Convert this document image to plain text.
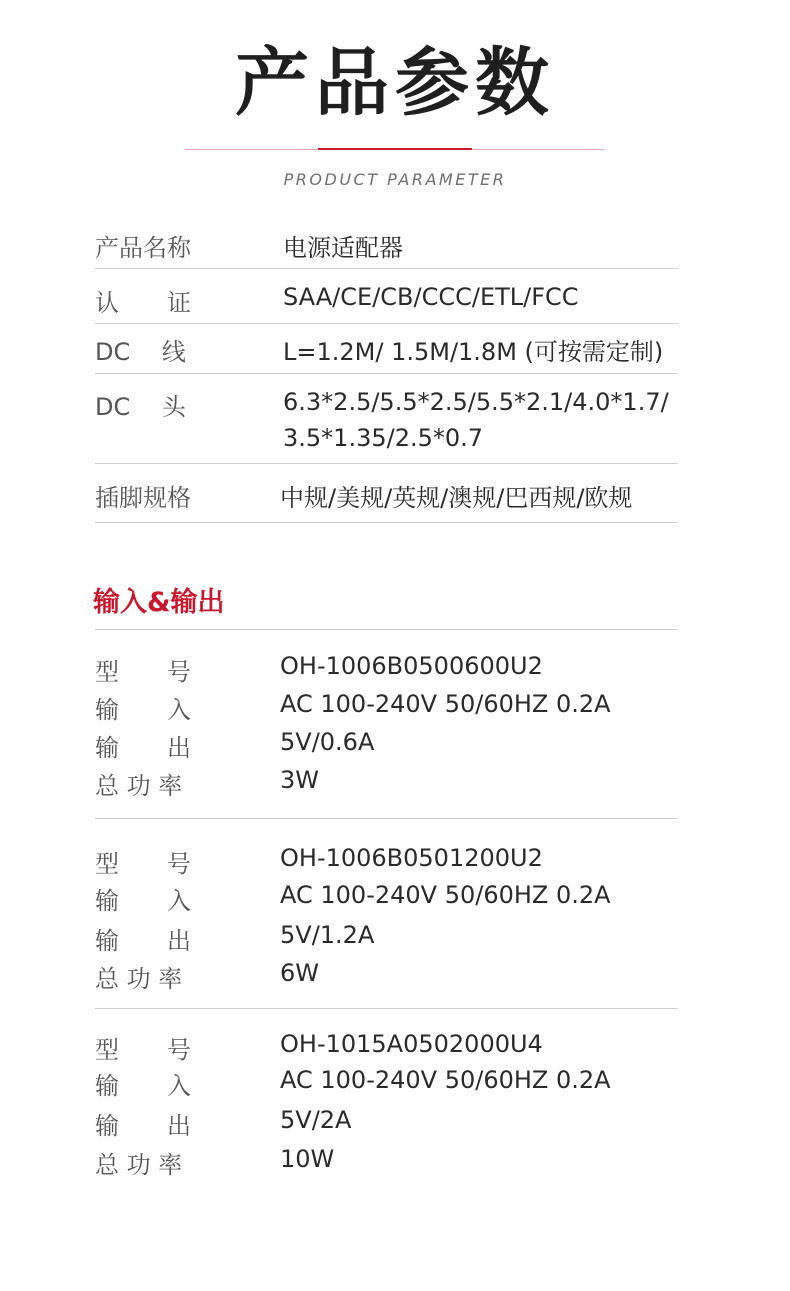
产品参数
PRODUCT PARAMETER
产品名称	电源适配器
认　　证	SAA/CE/CB/CCC/ETL/FCC
DC　 线	L=1.2M/ 1.5M/1.8M (可按需定制)
DC　 头	6.3*2.5/5.5*2.5/5.5*2.1/4.0*1.7/ 3.5*1.35/2.5*0.7
插脚规格	中规/美规/英规/澳规/巴西规/欧规
输入&输出
型　　号	OH-1006B0500600U2
输　　入	AC 100-240V 50/60HZ 0.2A
输　　出	5V/0.6A
总 功 率	3W
型　　号	OH-1006B0501200U2
输　　入	AC 100-240V 50/60HZ 0.2A
输　　出	5V/1.2A
总 功 率	6W
型　　号	OH-1015A0502000U4
输　　入	AC 100-240V 50/60HZ 0.2A
输　　出	5V/2A
总 功 率	10W
